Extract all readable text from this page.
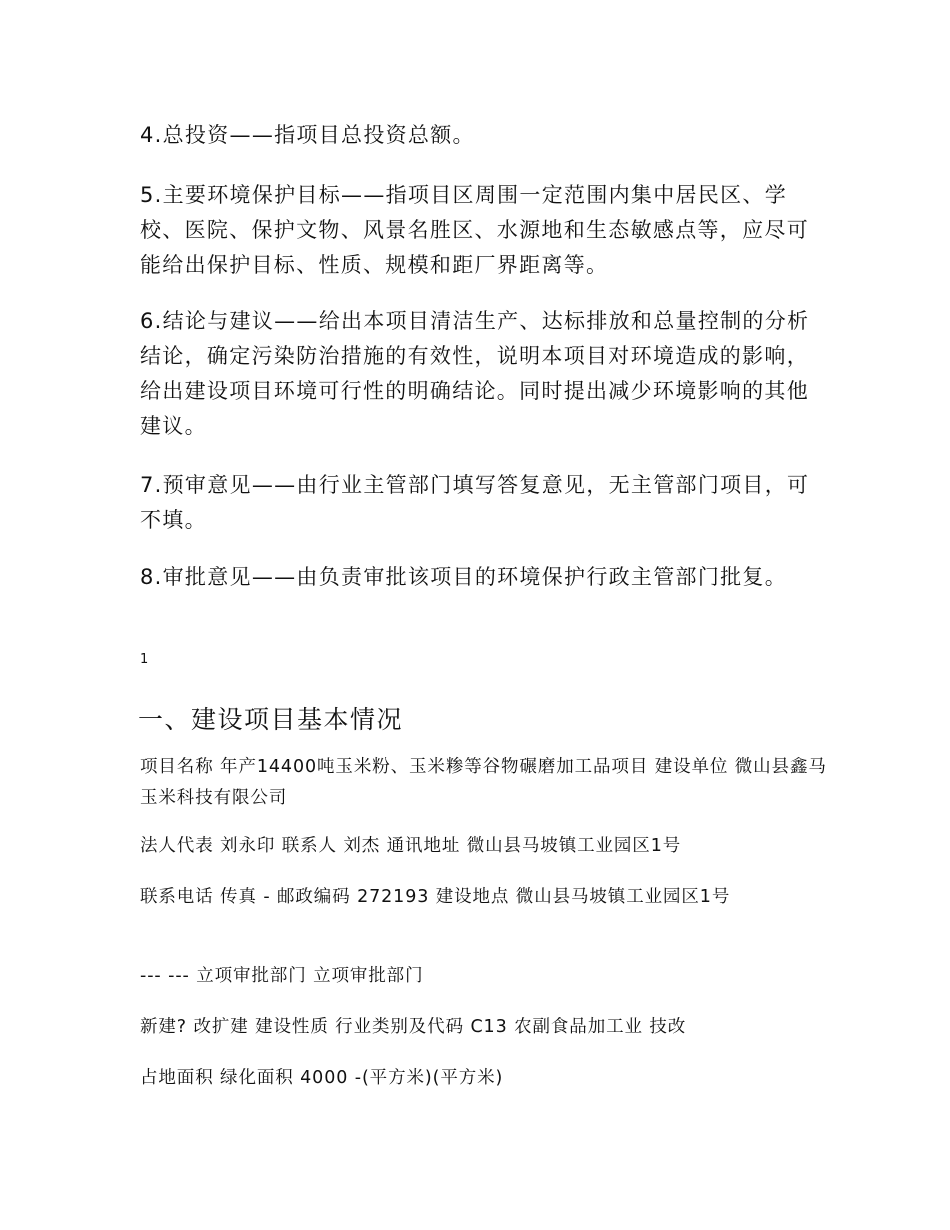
4.总投资——指项目总投资总额。

5.主要环境保护目标——指项目区周围一定范围内集中居民区、学校、医院、保护文物、风景名胜区、水源地和生态敏感点等，应尽可能给出保护目标、性质、规模和距厂界距离等。

6.结论与建议——给出本项目清洁生产、达标排放和总量控制的分析结论，确定污染防治措施的有效性，说明本项目对环境造成的影响，给出建设项目环境可行性的明确结论。同时提出减少环境影响的其他建议。

7.预审意见——由行业主管部门填写答复意见，无主管部门项目，可不填。

8.审批意见——由负责审批该项目的环境保护行政主管部门批复。

1

一、建设项目基本情况

项目名称 年产14400吨玉米粉、玉米糁等谷物碾磨加工品项目 建设单位 微山县鑫马玉米科技有限公司

法人代表 刘永印 联系人 刘杰 通讯地址 微山县马坡镇工业园区1号

联系电话 传真 - 邮政编码 272193 建设地点 微山县马坡镇工业园区1号

--- --- 立项审批部门 立项审批部门

新建? 改扩建 建设性质 行业类别及代码 C13 农副食品加工业 技改

占地面积 绿化面积 4000 -(平方米)(平方米)
